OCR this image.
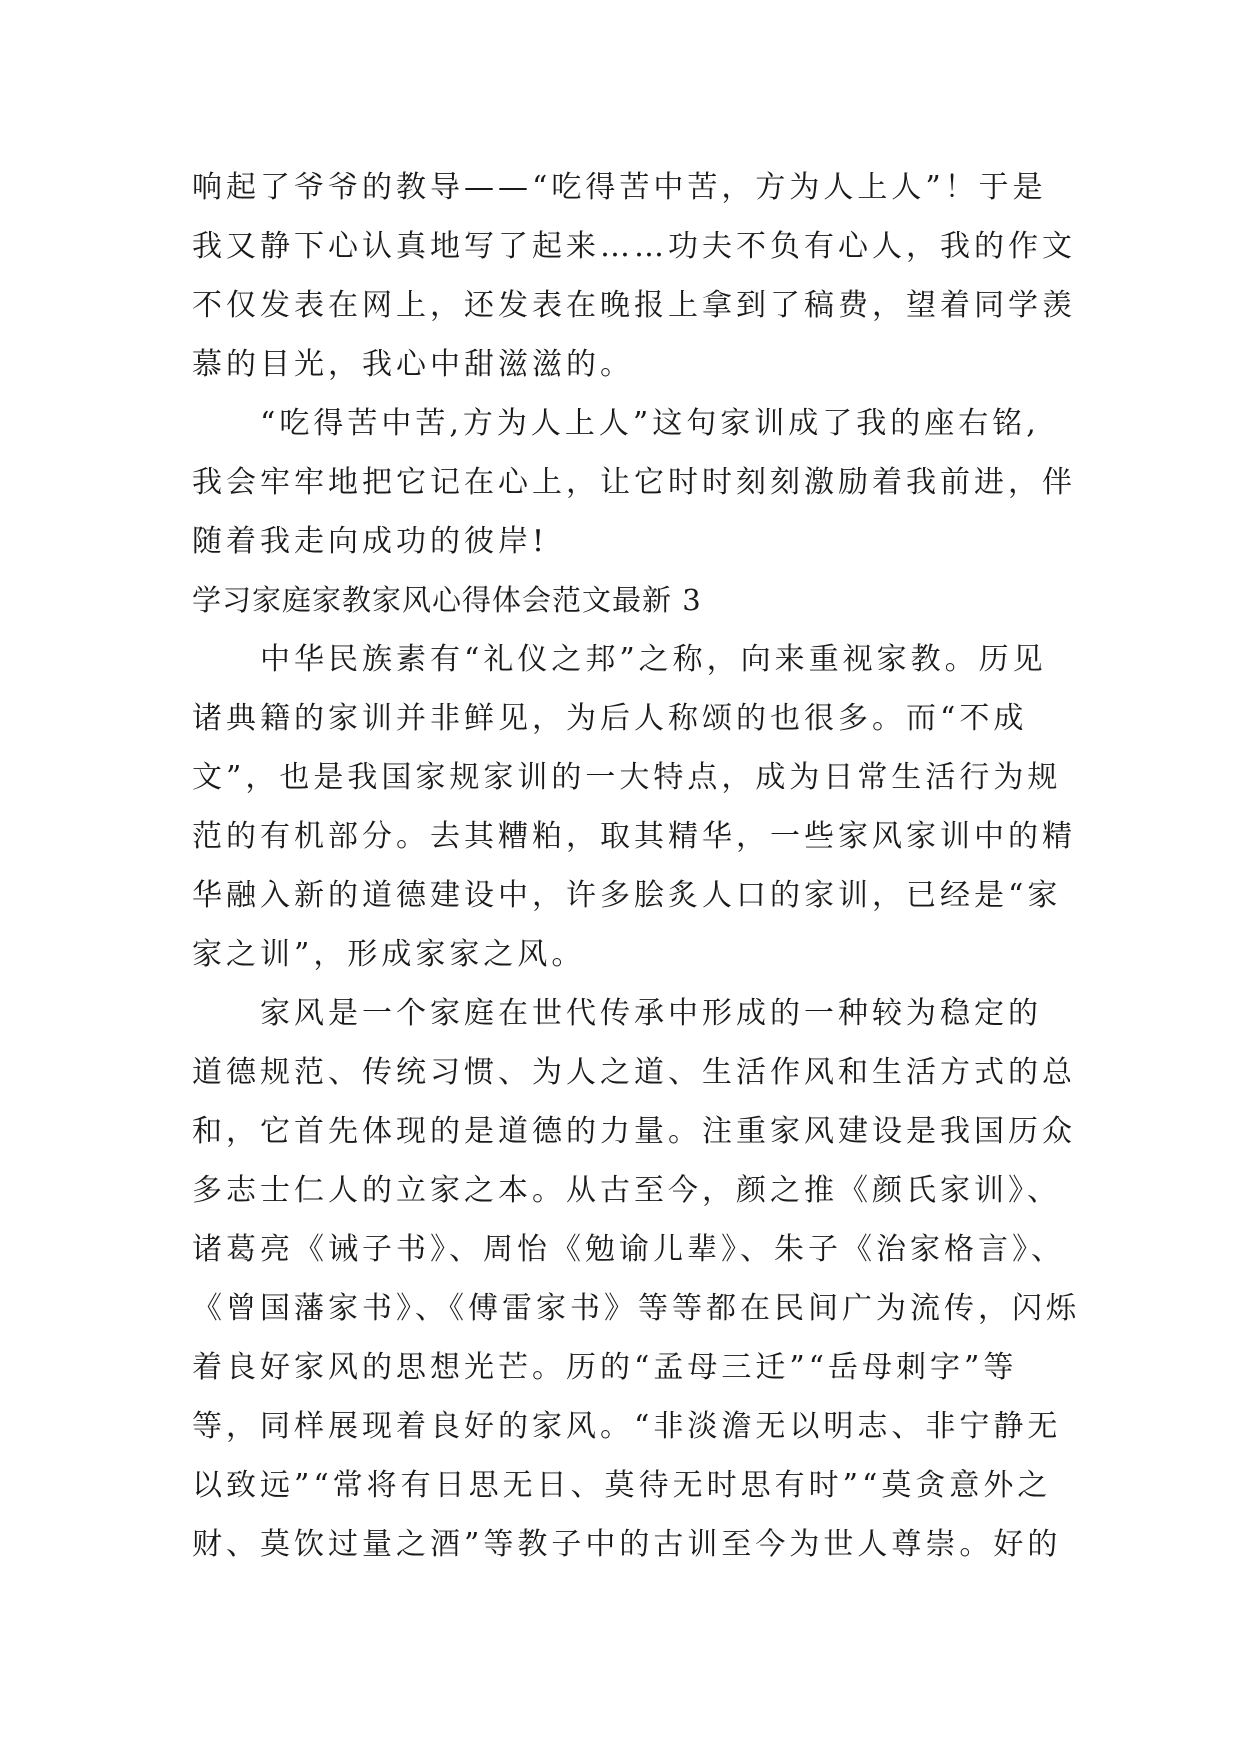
响起了爷爷的教导——“吃得苦中苦，方为人上人”！于是
我又静下心认真地写了起来……功夫不负有心人，我的作文
不仅发表在网上，还发表在晚报上拿到了稿费，望着同学羡
慕的目光，我心中甜滋滋的。
“吃得苦中苦,方为人上人”这句家训成了我的座右铭,
我会牢牢地把它记在心上，让它时时刻刻激励着我前进，伴
随着我走向成功的彼岸!
学习家庭家教家风心得体会范文最新 3
中华民族素有“礼仪之邦”之称，向来重视家教。历见
诸典籍的家训并非鲜见，为后人称颂的也很多。而“不成
文”，也是我国家规家训的一大特点，成为日常生活行为规
范的有机部分。去其糟粕，取其精华，一些家风家训中的精
华融入新的道德建设中，许多脍炙人口的家训，已经是“家
家之训”，形成家家之风。
家风是一个家庭在世代传承中形成的一种较为稳定的
道德规范、传统习惯、为人之道、生活作风和生活方式的总
和，它首先体现的是道德的力量。注重家风建设是我国历众
多志士仁人的立家之本。从古至今，颜之推《颜氏家训》、
诸葛亮《诫子书》、周怡《勉谕儿辈》、朱子《治家格言》、
《曾国藩家书》、《傅雷家书》等等都在民间广为流传，闪烁
着良好家风的思想光芒。历的“孟母三迁”“岳母刺字”等
等，同样展现着良好的家风。“非淡澹无以明志、非宁静无
以致远”“常将有日思无日、莫待无时思有时”“莫贪意外之
财、莫饮过量之酒”等教子中的古训至今为世人尊崇。好的
